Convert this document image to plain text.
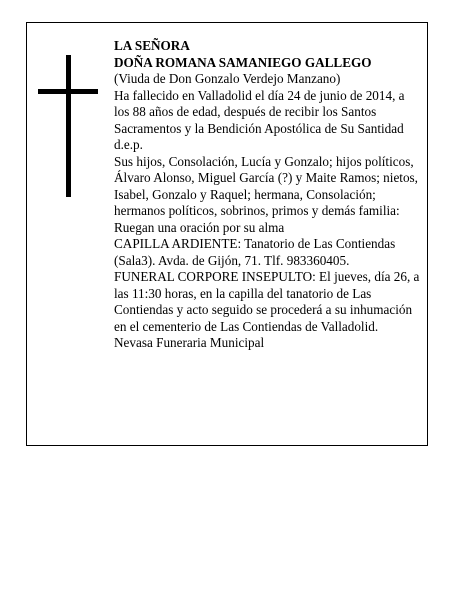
LA SEÑORA

DOÑA ROMANA SAMANIEGO GALLEGO

(Viuda de Don Gonzalo Verdejo Manzano)

Ha fallecido en Valladolid el día 24 de junio de 2014, a los 88 años de edad, después de recibir los Santos Sacramentos y la Bendición Apostólica de Su Santidad d.e.p.

Sus hijos, Consolación, Lucía y Gonzalo; hijos políticos, Álvaro Alonso, Miguel García (?) y Maite Ramos; nietos, Isabel, Gonzalo y Raquel; hermana, Consolación; hermanos políticos, sobrinos, primos y demás familia:

Ruegan una oración por su alma

CAPILLA ARDIENTE: Tanatorio de Las Contiendas (Sala3). Avda. de Gijón, 71. Tlf. 983360405.

FUNERAL CORPORE INSEPULTO: El jueves, día 26, a las 11:30 horas, en la capilla del tanatorio de Las Contiendas y acto seguido se procederá a su inhumación en el cementerio de Las Contiendas de Valladolid.

Nevasa Funeraria Municipal
